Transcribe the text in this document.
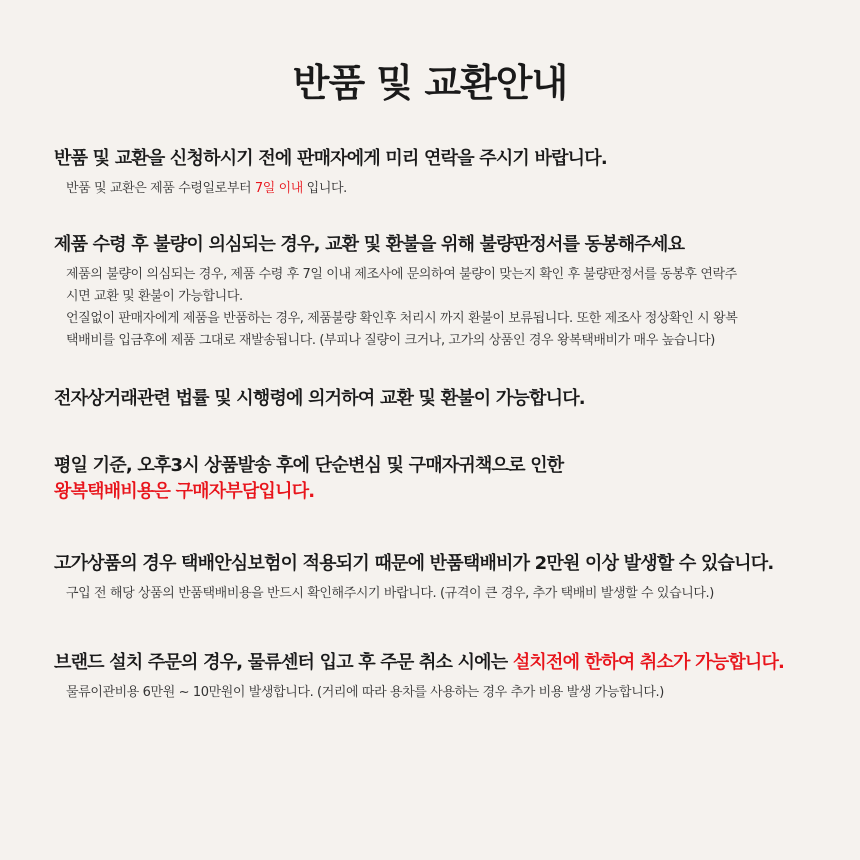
반품 및 교환안내
반품 및 교환을 신청하시기 전에 판매자에게 미리 연락을 주시기 바랍니다.
반품 및 교환은 제품 수령일로부터 7일 이내 입니다.
제품 수령 후 불량이 의심되는 경우, 교환 및 환불을 위해 불량판정서를 동봉해주세요

제품의 불량이 의심되는 경우, 제품 수령 후 7일 이내 제조사에 문의하여 불량이 맞는지 확인 후 불량판정서를 동봉후 연락주

시면 교환 및 환불이 가능합니다.

언질없이 판매자에게 제품을 반품하는 경우, 제품불량 확인후 처리시 까지 환불이 보류됩니다. 또한 제조사 정상확인 시 왕복

택배비를 입금후에 제품 그대로 재발송됩니다. (부피나 질량이 크거나, 고가의 상품인 경우 왕복택배비가 매우 높습니다)

전자상거래관련 법률 및 시행령에 의거하여 교환 및 환불이 가능합니다.
평일 기준, 오후3시 상품발송 후에 단순변심 및 구매자귀책으로 인한
왕복택배비용은 구매자부담입니다.
고가상품의 경우 택배안심보험이 적용되기 때문에 반품택배비가 2만원 이상 발생할 수 있습니다.
구입 전 해당 상품의 반품택배비용을 반드시 확인해주시기 바랍니다. (규격이 큰 경우, 추가 택배비 발생할 수 있습니다.)
브랜드 설치 주문의 경우, 물류센터 입고 후 주문 취소 시에는 설치전에 한하여 취소가 가능합니다.
물류이관비용 6만원 ~ 10만원이 발생합니다. (거리에 따라 용차를 사용하는 경우 추가 비용 발생 가능합니다.)
